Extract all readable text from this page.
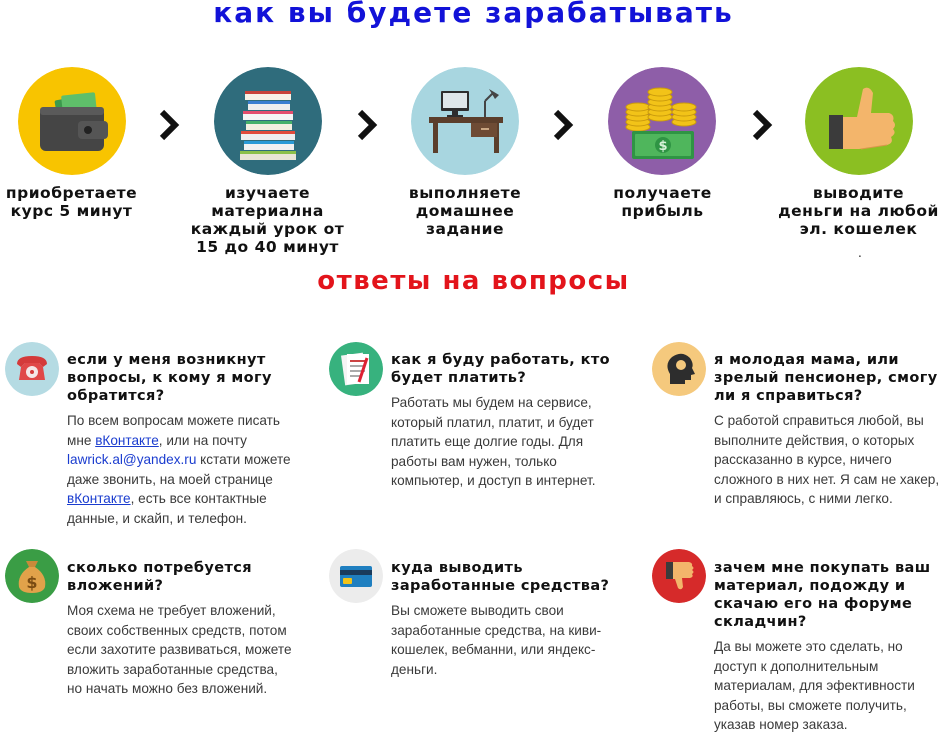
как вы будете зарабатывать
приобретаете
курс 5 минут
изучаете
материална
каждый урок от
15 до 40 минут
выполняете
домашнее
задание
$
получаете
прибыль
выводите
деньги на любой
эл. кошелек
.
ответы на вопросы
если у меня возникнут
вопросы, к кому я могу
обратится?
По всем вопросам можете писать
мне вКонтакте, или на почту
lawrick.al@yandex.ru кстати можете
даже звонить, на моей странице
вКонтакте, есть все контактные
данные, и скайп, и телефон.
как я буду работать, кто
будет платить?
Работать мы будем на сервисе,
который платил, платит, и будет
платить еще долгие годы. Для
работы вам нужен, только
компьютер, и доступ в интернет.
я молодая мама, или
зрелый пенсионер, смогу
ли я справиться?
С работой справиться любой, вы
выполните действия, о которых
рассказанно в курсе, ничего
сложного в них нет. Я сам не хакер,
и справляюсь, с ними легко.
$
сколько потребуется
вложений?
Моя схема не требует вложений,
своих собственных средств, потом
если захотите развиваться, можете
вложить заработанные средства,
но начать можно без вложений.
куда выводить
заработанные средства?
Вы сможете выводить свои
заработанные средства, на киви-
кошелек, вебманни, или яндекс-
деньги.
зачем мне покупать ваш
материал, подожду и
скачаю его на форуме
складчин?
Да вы можете это сделать, но
доступ к дополнительным
материалам, для эфективности
работы, вы сможете получить,
указав номер заказа.
